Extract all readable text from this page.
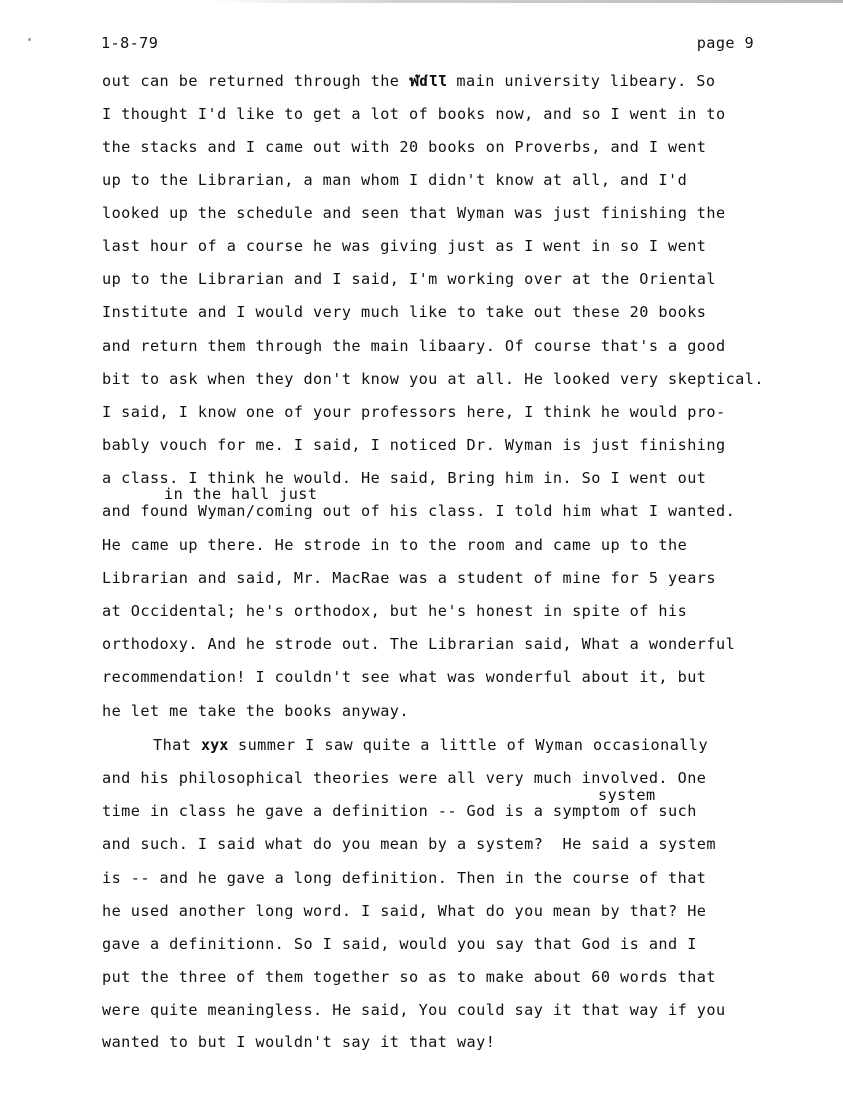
1-8-79	page 9
out can be returned through the ฬɗƖƖ main university libeary. So
I thought I'd like to get a lot of books now, and so I went in to
the stacks and I came out with 20 books on Proverbs, and I went
up to the Librarian, a man whom I didn't know at all, and I'd
looked up the schedule and seen that Wyman was just finishing the
last hour of a course he was giving just as I went in so I went
up to the Librarian and I said, I'm working over at the Oriental
Institute and I would very much like to take out these 20 books
and return them through the main libaary. Of course that's a good
bit to ask when they don't know you at all. He looked very skeptical.
I said, I know one of your professors here, I think he would pro-
bably vouch for me. I said, I noticed Dr. Wyman is just finishing
a class. I think he would. He said, Bring him in. So I went out
in the hall just
and found Wyman/coming out of his class. I told him what I wanted.
He came up there. He strode in to the room and came up to the
Librarian and said, Mr. MacRae was a student of mine for 5 years
at Occidental; he's orthodox, but he's honest in spite of his
orthodoxy. And he strode out. The Librarian said, What a wonderful
recommendation! I couldn't see what was wonderful about it, but
he let me take the books anyway.
That xyx summer I saw quite a little of Wyman occasionally
and his philosophical theories were all very much involved. One
system
time in class he gave a definition -- God is a symptom of such
and such. I said what do you mean by a system?  He said a system
is -- and he gave a long definition. Then in the course of that
he used another long word. I said, What do you mean by that? He
gave a definitionn. So I said, would you say that God is and I
put the three of them together so as to make about 60 words that
were quite meaningless. He said, You could say it that way if you
wanted to but I wouldn't say it that way!
